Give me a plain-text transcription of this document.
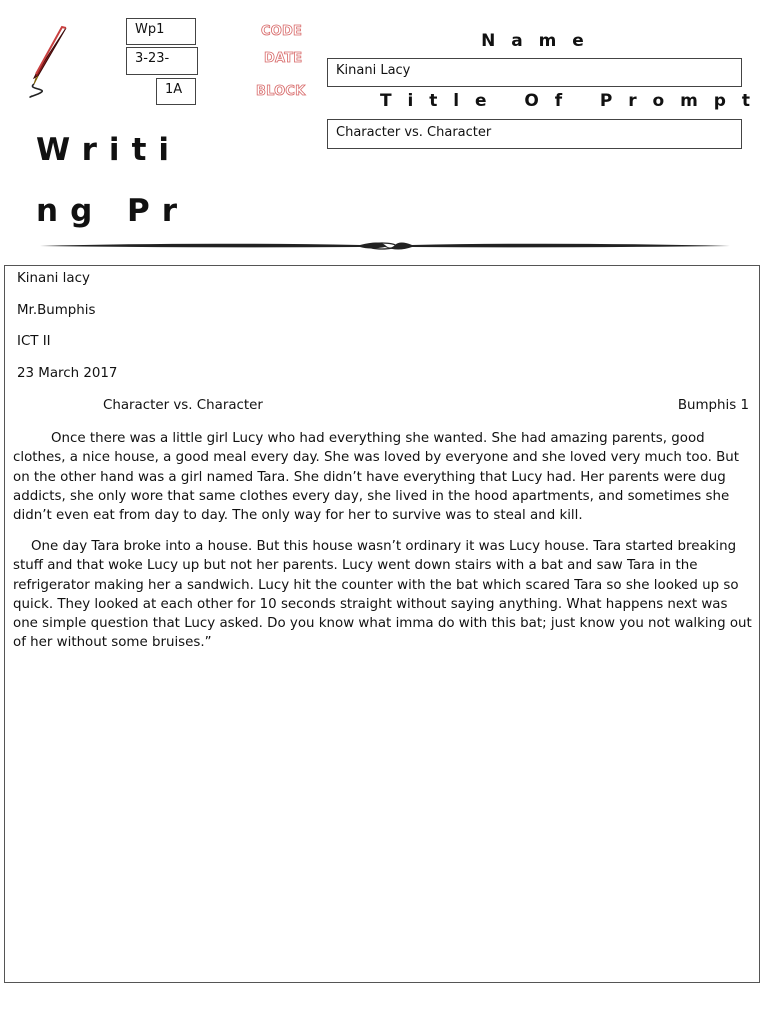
Wp1
3-23-
1A
CODE
DATE
BLOCK
N a m e
Kinani Lacy
T i t l e   O f   P r o m p t
Character vs. Character
Writing Pr
Kinani lacy
Mr.Bumphis
ICT II
23 March 2017
Character vs. Character	Bumphis 1

Once there was a little girl Lucy who had everything she wanted. She had amazing parents, good clothes, a nice house, a good meal every day. She was loved by everyone and she loved very much too. But on the other hand was a girl named Tara. She didn’t have everything that Lucy had. Her parents were dug addicts, she only wore that same clothes every day, she lived in the hood apartments, and sometimes she didn’t even eat from day to day. The only way for her to survive was to steal and kill.

One day Tara broke into a house. But this house wasn’t ordinary it was Lucy house. Tara started breaking stuff and that woke Lucy up but not her parents. Lucy went down stairs with a bat and saw Tara in the refrigerator making her a sandwich. Lucy hit the counter with the bat which scared Tara so she looked up so quick. They looked at each other for 10 seconds straight without saying anything. What happens next was one simple question that Lucy asked. Do you know what imma do with this bat; just know you not walking out of her without some bruises.”
